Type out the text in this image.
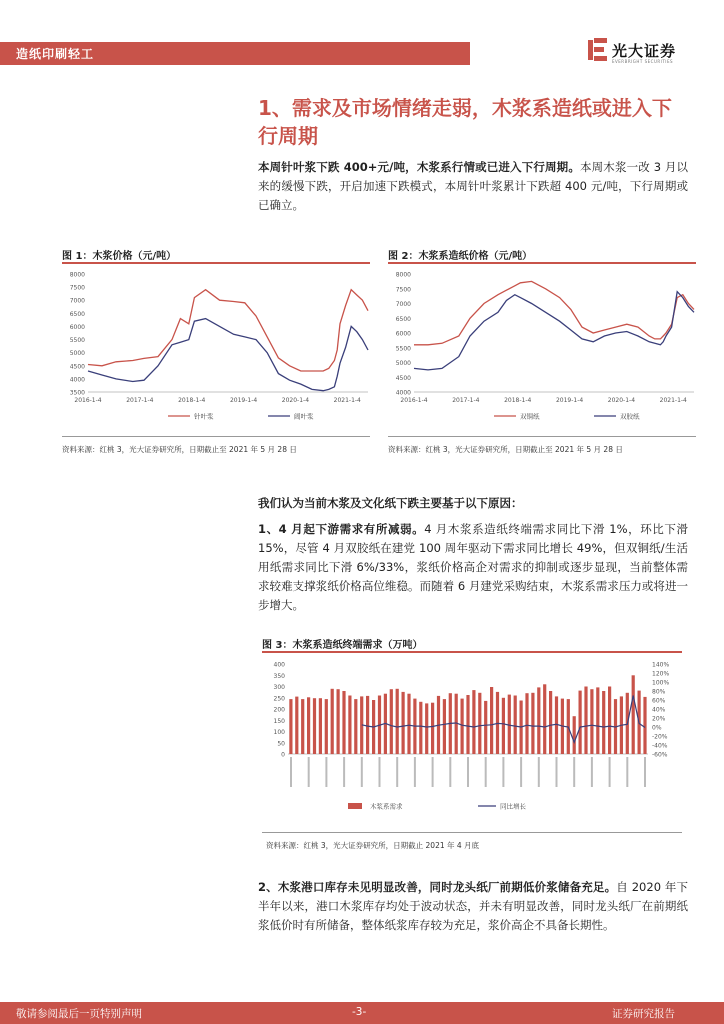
造纸印刷轻工	光大证券
EVERBRIGHT SECURITIES
1、需求及市场情绪走弱，木浆系造纸或进入下行周期
本周针叶浆下跌 400+元/吨，木浆系行情或已进入下行周期。本周木浆一改 3 月以来的缓慢下跌，开启加速下跌模式，本周针叶浆累计下跌超 400 元/吨，下行周期或已确立。
图 1：木浆价格（元/吨）
8000
7500
7000
6500
6000
5500
5000
4500
4000
3500
2016-1-4	2017-1-4	2018-1-4	2019-1-4	2020-1-4	2021-1-4
针叶浆	阔叶浆
资料来源：红桃 3，光大证券研究所，日期截止至 2021 年 5 月 28 日
图 2：木浆系造纸价格（元/吨）
8000
7500
7000
6500
6000
5500
5000
4500
4000
2016-1-4	2017-1-4	2018-1-4	2019-1-4	2020-1-4	2021-1-4
双铜纸	双胶纸
资料来源：红桃 3，光大证券研究所，日期截止至 2021 年 5 月 28 日
我们认为当前木浆及文化纸下跌主要基于以下原因：
1、4 月起下游需求有所减弱。4 月木浆系造纸终端需求同比下滑 1%，环比下滑 15%，尽管 4 月双胶纸在建党 100 周年驱动下需求同比增长 49%，但双铜纸/生活用纸需求同比下滑 6%/33%，浆纸价格高企对需求的抑制或逐步显现，当前整体需求较难支撑浆纸价格高位维稳。而随着 6 月建党采购结束，木浆系需求压力或将进一步增大。
图 3：木浆系造纸终端需求（万吨）
400
350
300
250
200
150
100
50
0
140%
120%
100%
80%
60%
40%
20%
0%
-20%
-40%
-60%
木浆系需求	同比增长
资料来源：红桃 3，光大证券研究所，日期截止 2021 年 4 月底
2、木浆港口库存未见明显改善，同时龙头纸厂前期低价浆储备充足。自 2020 年下半年以来，港口木浆库存均处于波动状态，并未有明显改善，同时龙头纸厂在前期纸浆低价时有所储备，整体纸浆库存较为充足，浆价高企不具备长期性。
敬请参阅最后一页特别声明	-3-	证券研究报告
